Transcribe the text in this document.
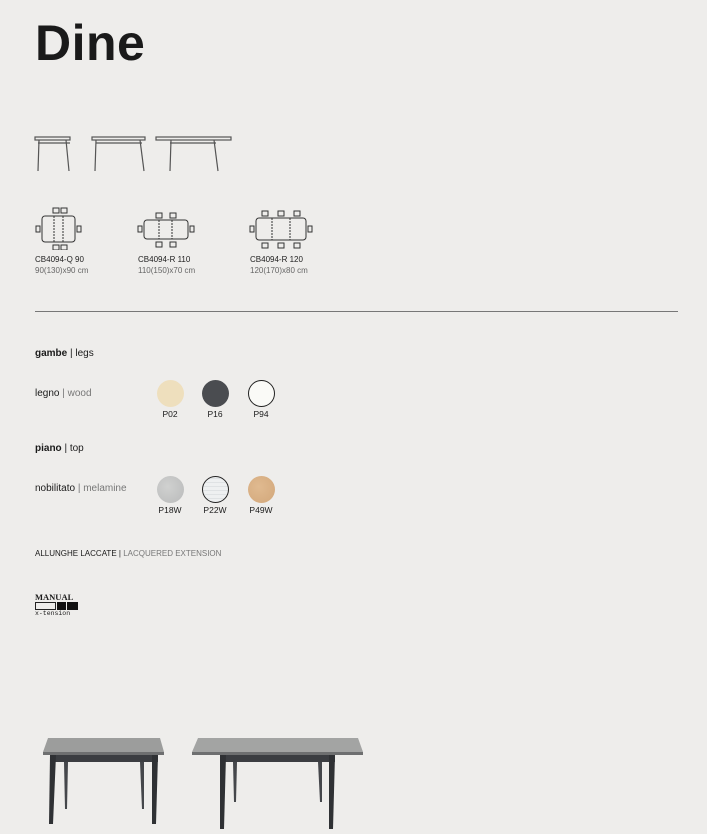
Dine
CB4094-Q 90
90(130)x90 cm
CB4094-R 110
110(150)x70 cm
CB4094-R 120
120(170)x80 cm
gambe | legs
legno | wood
P02	P16	P94
piano | top
nobilitato | melamine
P18W	P22W	P49W
ALLUNGHE LACCATE | LACQUERED EXTENSION
MANUAL
x-tension
